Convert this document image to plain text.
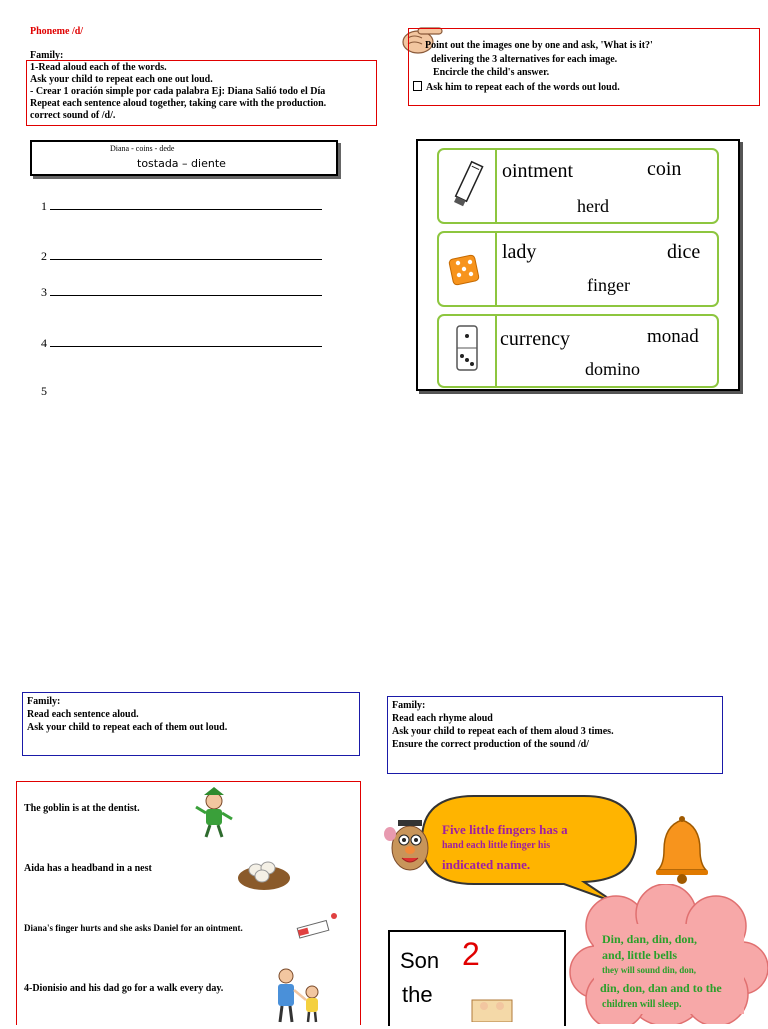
Phoneme /d/
Family:
1-Read aloud each of the words.
Ask your child to repeat each one out loud.
- Crear 1 oración simple por cada palabra Ej: Diana Salió todo el Día
Repeat each sentence aloud together, taking care with the production.
correct sound of /d/.
Diana - coins - dede
tostada – diente
1
2
3
4
5
Point out the images one by one and ask, 'What is it?'
delivering the 3 alternatives for each image.
Encircle the child's answer.
Ask him to repeat each of the words out loud.
ointment	coin
herd
lady	dice
finger
currency	monad
domino
Family:
Read each sentence aloud.
Ask your child to repeat each of them out loud.
The goblin is at the dentist.
Aida has a headband in a nest
Diana's finger hurts and she asks Daniel for an ointment.
4-Dionisio and his dad go for a walk every day.
Family:
Read each rhyme aloud
Ask your child to repeat each of them aloud 3 times.
Ensure the correct production of the sound /d/
Five little fingers has a
hand each little finger his
indicated name.
Din, dan, din, don,
and, little bells
they will sound din, don,
din, don, dan and to the
children will sleep.
Son 2
the
